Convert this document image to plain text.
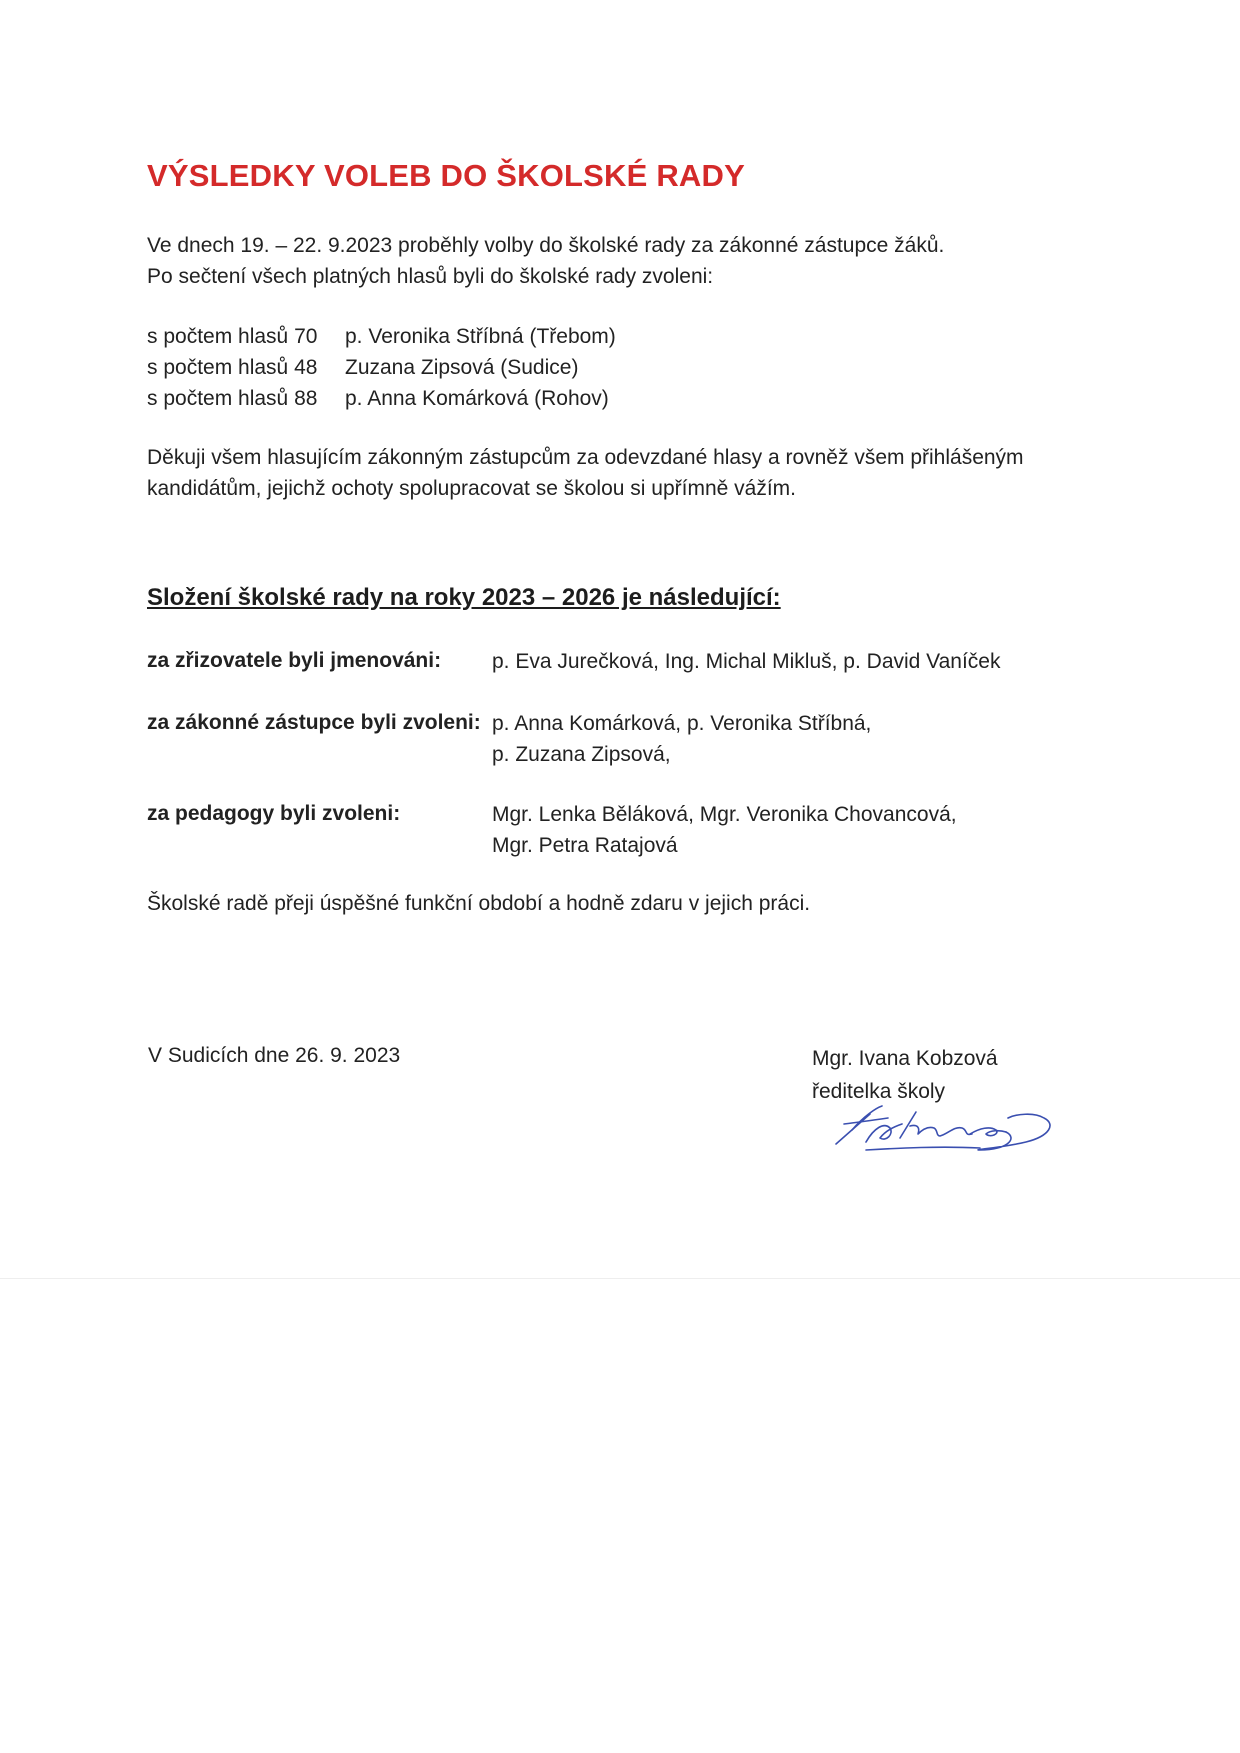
VÝSLEDKY VOLEB DO ŠKOLSKÉ RADY
Ve dnech 19. – 22. 9.2023 proběhly volby do školské rady za zákonné zástupce žáků.
Po sečtení všech platných hlasů byli do školské rady zvoleni:
s počtem hlasů 70	p. Veronika Stříbná (Třebom)
s počtem hlasů 48	Zuzana Zipsová (Sudice)
s počtem hlasů 88	p. Anna Komárková (Rohov)
Děkuji všem hlasujícím zákonným zástupcům za odevzdané hlasy a rovněž všem přihlášeným
kandidátům, jejichž ochoty spolupracovat se školou si upřímně vážím.
Složení školské rady na roky 2023 – 2026 je následující:
za zřizovatele byli jmenováni: p. Eva Jurečková, Ing. Michal Mikluš, p. David Vaníček
za zákonné zástupce byli zvoleni: p. Anna Komárková, p. Veronika Stříbná,
p. Zuzana Zipsová,
za pedagogy byli zvoleni:	Mgr. Lenka Běláková, Mgr. Veronika Chovancová,
Mgr. Petra Ratajová
Školské radě přeji úspěšné funkční období a hodně zdaru v jejich práci.
V Sudicích dne 26. 9. 2023	Mgr. Ivana Kobzová
ředitelka školy
